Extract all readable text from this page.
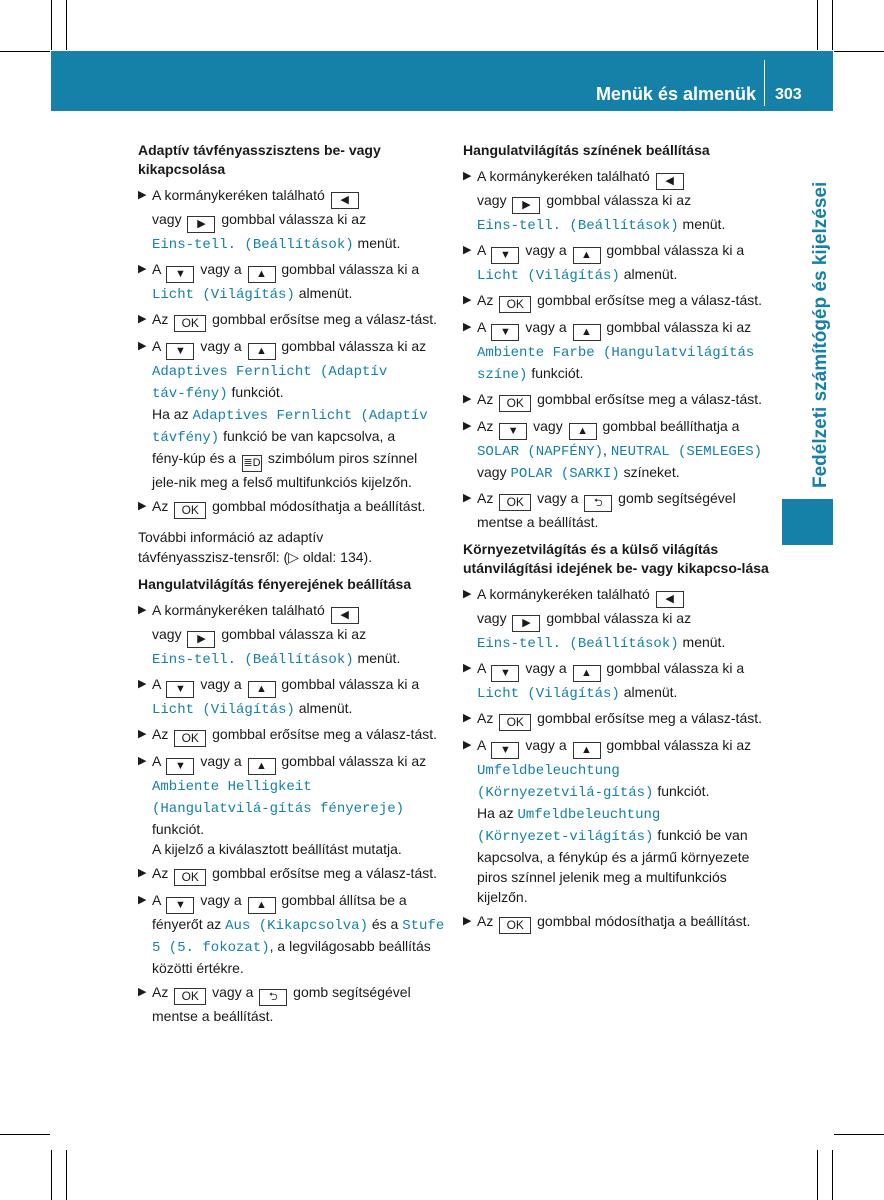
Menük és almenük 303
Fedélzeti számítógép és kijelzései
Adaptív távfényasszisztens be- vagy kikapcsolása
▶ A kormánykeréken található ◀
vagy ▶ gombbal válassza ki az Eins‑tell. (Beállítások) menüt.
▶ A ▼ vagy a ▲ gombbal válassza ki a Licht (Világítás) almenüt.
▶ Az OK gombbal erősítse meg a válasz‑tást.
▶ A ▼ vagy a ▲ gombbal válassza ki az Adaptives Fernlicht (Adaptív táv‑fény) funkciót.
Ha az Adaptives Fernlicht (Adaptív távfény) funkció be van kapcsolva, a fény‑kúp és a ≣D szimbólum piros színnel jele‑nik meg a felső multifunkciós kijelzőn.
▶ Az OK gombbal módosíthatja a beállítást.
További információ az adaptív távfényasszisz‑tensről: (▷ oldal: 134).
Hangulatvilágítás fényerejének beállítása
▶ A kormánykeréken található ◀
vagy ▶ gombbal válassza ki az Eins‑tell. (Beállítások) menüt.
▶ A ▼ vagy a ▲ gombbal válassza ki a Licht (Világítás) almenüt.
▶ Az OK gombbal erősítse meg a válasz‑tást.
▶ A ▼ vagy a ▲ gombbal válassza ki az Ambiente Helligkeit (Hangulatvilá‑gítás fényereje) funkciót.
A kijelző a kiválasztott beállítást mutatja.
▶ Az OK gombbal erősítse meg a válasz‑tást.
▶ A ▼ vagy a ▲ gombbal állítsa be a fényerőt az Aus (Kikapcsolva) és a Stufe 5 (5. fokozat), a legvilágosabb beállítás közötti értékre.
▶ Az OK vagy a ⮌ gomb segítségével mentse a beállítást.
Hangulatvilágítás színének beállítása
▶ A kormánykeréken található ◀
vagy ▶ gombbal válassza ki az Eins‑tell. (Beállítások) menüt.
▶ A ▼ vagy a ▲ gombbal válassza ki a Licht (Világítás) almenüt.
▶ Az OK gombbal erősítse meg a válasz‑tást.
▶ A ▼ vagy a ▲ gombbal válassza ki az Ambiente Farbe (Hangulatvilágítás színe) funkciót.
▶ Az OK gombbal erősítse meg a válasz‑tást.
▶ Az ▼ vagy ▲ gombbal beállíthatja a SOLAR (NAPFÉNY), NEUTRAL (SEMLEGES) vagy POLAR (SARKI) színeket.
▶ Az OK vagy a ⮌ gomb segítségével mentse a beállítást.
Környezetvilágítás és a külső világítás utánvilágítási idejének be- vagy kikapcso‑lása
▶ A kormánykeréken található ◀
vagy ▶ gombbal válassza ki az Eins‑tell. (Beállítások) menüt.
▶ A ▼ vagy a ▲ gombbal válassza ki a Licht (Világítás) almenüt.
▶ Az OK gombbal erősítse meg a válasz‑tást.
▶ A ▼ vagy a ▲ gombbal válassza ki az Umfeldbeleuchtung (Környezetvilá‑gítás) funkciót.
Ha az Umfeldbeleuchtung (Környezet‑világítás) funkció be van kapcsolva, a fénykúp és a jármű környezete piros színnel jelenik meg a multifunkciós kijelzőn.
▶ Az OK gombbal módosíthatja a beállítást.
